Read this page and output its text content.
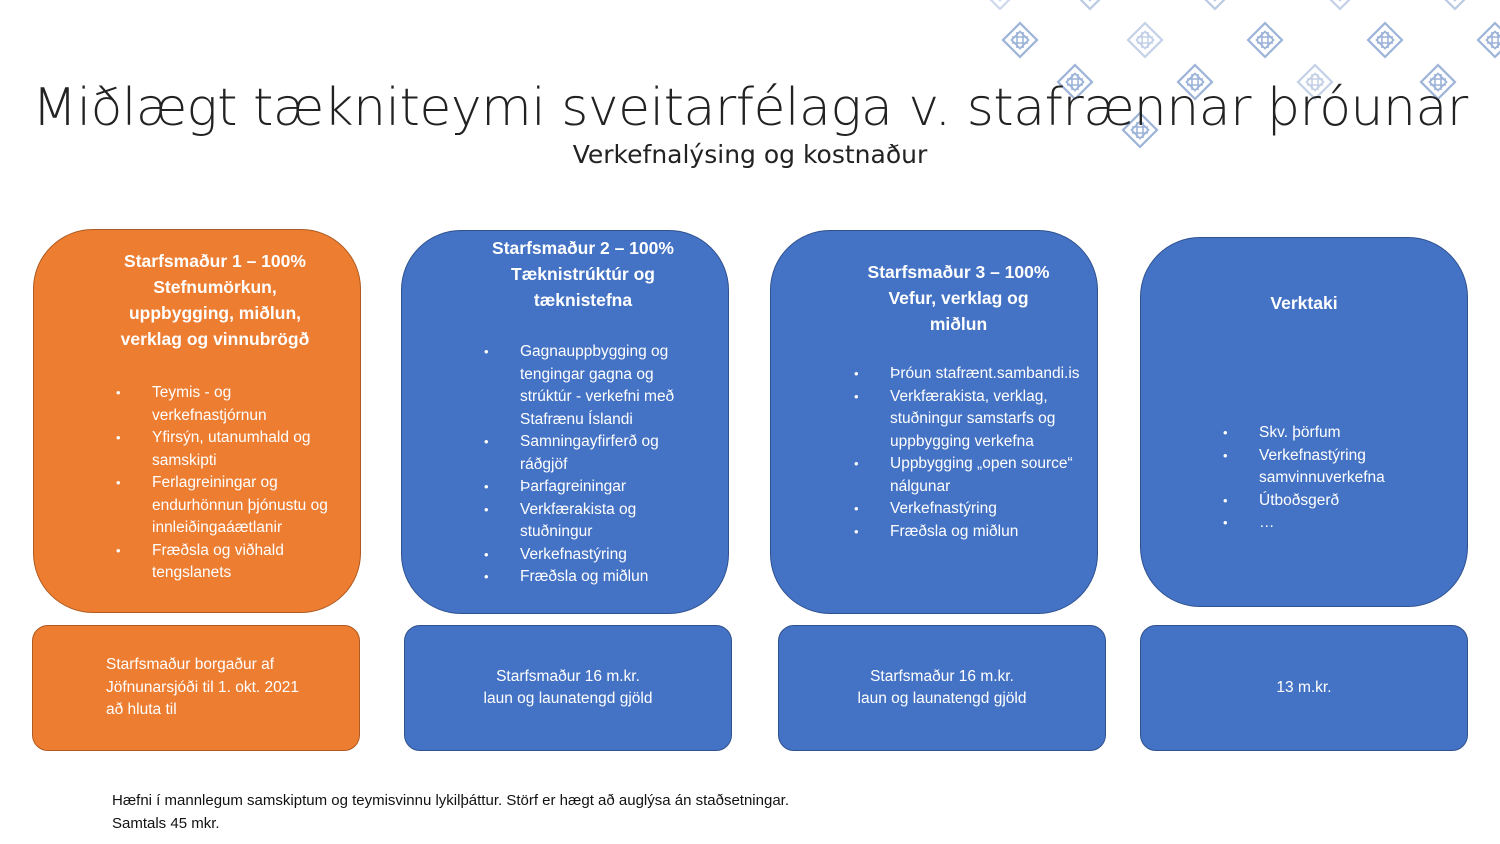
Miðlægt tækniteymi sveitarfélaga v. stafrænnar þróunar
Verkefnalýsing og kostnaður
Starfsmaður 1 – 100%
Stefnumörkun,
uppbygging, miðlun,
verklag og vinnubrögð
• Teymis - og verkefnastjórnun
• Yfirsýn, utanumhald og samskipti
• Ferlagreiningar og endurhönnun þjónustu og innleiðingaáætlanir
• Fræðsla og viðhald tengslanets
Starfsmaður 2 – 100%
Tæknistrúktúr og
tæknistefna
• Gagnauppbygging og tengingar gagna og strúktúr - verkefni með Stafrænu Íslandi
• Samningayfirferð og ráðgjöf
• Þarfagreiningar
• Verkfærakista og stuðningur
• Verkefnastýring
• Fræðsla og miðlun
Starfsmaður 3 – 100%
Vefur, verklag og
miðlun
• Þróun stafrænt.sambandi.is
• Verkfærakista, verklag, stuðningur samstarfs og uppbygging verkefna
• Uppbygging „open source“ nálgunar
• Verkefnastýring
• Fræðsla og miðlun
Verktaki
• Skv. þörfum
• Verkefnastýring samvinnuverkefna
• Útboðsgerð
• …
Starfsmaður borgaður af
Jöfnunarsjóði til 1. okt. 2021
að hluta til
Starfsmaður 16 m.kr.
laun og launatengd gjöld
Starfsmaður 16 m.kr.
laun og launatengd gjöld
13 m.kr.
Hæfni í mannlegum samskiptum og teymisvinnu lykilþáttur. Störf er hægt að auglýsa án staðsetningar.
Samtals 45 mkr.
